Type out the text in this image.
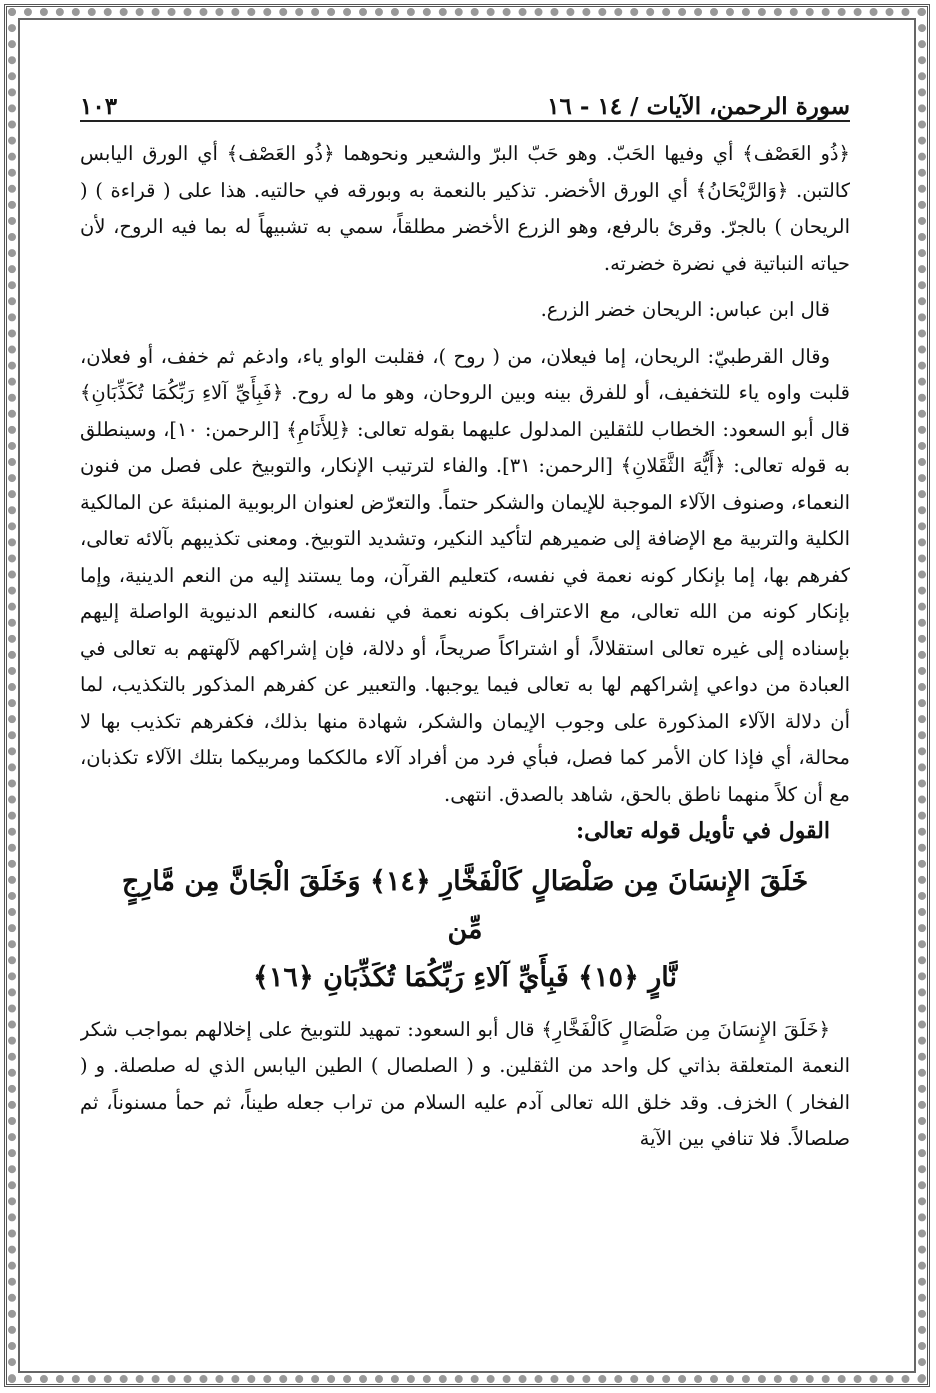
سورة الرحمن، الآيات / ١٤ - ١٦
١٠٣

﴿ذُو العَصْف﴾ أي وفيها الحَبّ. وهو حَبّ البرّ والشعير ونحوهما ﴿ذُو العَصْف﴾ أي الورق اليابس كالتبن. ﴿وَالرَّيْحَانُ﴾ أي الورق الأخضر. تذكير بالنعمة به وبورقه في حالتيه. هذا على ( قراءة ) ( الريحان ) بالجرّ. وقرئ بالرفع، وهو الزرع الأخضر مطلقاً، سمي به تشبيهاً له بما فيه الروح، لأن حياته النباتية في نضرة خضرته.

قال ابن عباس: الريحان خضر الزرع.

وقال القرطبيّ: الريحان، إما فيعلان، من ( روح )، فقلبت الواو ياء، وادغم ثم خفف، أو فعلان، قلبت واوه ياء للتخفيف، أو للفرق بينه وبين الروحان، وهو ما له روح. ﴿فَبِأَيِّ آلاءِ رَبِّكُمَا تُكَذِّبَانِ﴾ قال أبو السعود: الخطاب للثقلين المدلول عليهما بقوله تعالى: ﴿لِلأَنَامِ﴾ [الرحمن: ١٠]، وسينطلق به قوله تعالى: ﴿أَيُّهَ الثَّقَلانِ﴾ [الرحمن: ٣١]. والفاء لترتيب الإنكار، والتوبيخ على فصل من فنون النعماء، وصنوف الآلاء الموجبة للإيمان والشكر حتماً. والتعرّض لعنوان الربوبية المنبئة عن المالكية الكلية والتربية مع الإضافة إلى ضميرهم لتأكيد النكير، وتشديد التوبيخ. ومعنى تكذيبهم بآلائه تعالى، كفرهم بها، إما بإنكار كونه نعمة في نفسه، كتعليم القرآن، وما يستند إليه من النعم الدينية، وإما بإنكار كونه من الله تعالى، مع الاعتراف بكونه نعمة في نفسه، كالنعم الدنيوية الواصلة إليهم بإسناده إلى غيره تعالى استقلالاً، أو اشتراكاً صريحاً، أو دلالة، فإن إشراكهم لآلهتهم به تعالى في العبادة من دواعي إشراكهم لها به تعالى فيما يوجبها. والتعبير عن كفرهم المذكور بالتكذيب، لما أن دلالة الآلاء المذكورة على وجوب الإيمان والشكر، شهادة منها بذلك، فكفرهم تكذيب بها لا محالة، أي فإذا كان الأمر كما فصل، فبأي فرد من أفراد آلاء مالككما ومربيكما بتلك الآلاء تكذبان، مع أن كلاً منهما ناطق بالحق، شاهد بالصدق. انتهى.

القول في تأويل قوله تعالى:

خَلَقَ الإِنسَانَ مِن صَلْصَالٍ كَالْفَخَّارِ ﴿١٤﴾ وَخَلَقَ الْجَانَّ مِن مَّارِجٍ مِّن
نَّارٍ ﴿١٥﴾ فَبِأَيِّ آلاءِ رَبِّكُمَا تُكَذِّبَانِ ﴿١٦﴾

﴿خَلَقَ الإِنسَانَ مِن صَلْصَالٍ كَالْفَخَّارِ﴾ قال أبو السعود: تمهيد للتوبيخ على إخلالهم بمواجب شكر النعمة المتعلقة بذاتي كل واحد من الثقلين. و ( الصلصال ) الطين اليابس الذي له صلصلة. و ( الفخار ) الخزف. وقد خلق الله تعالى آدم عليه السلام من تراب جعله طيناً، ثم حمأ مسنوناً، ثم صلصالاً. فلا تنافي بين الآية
